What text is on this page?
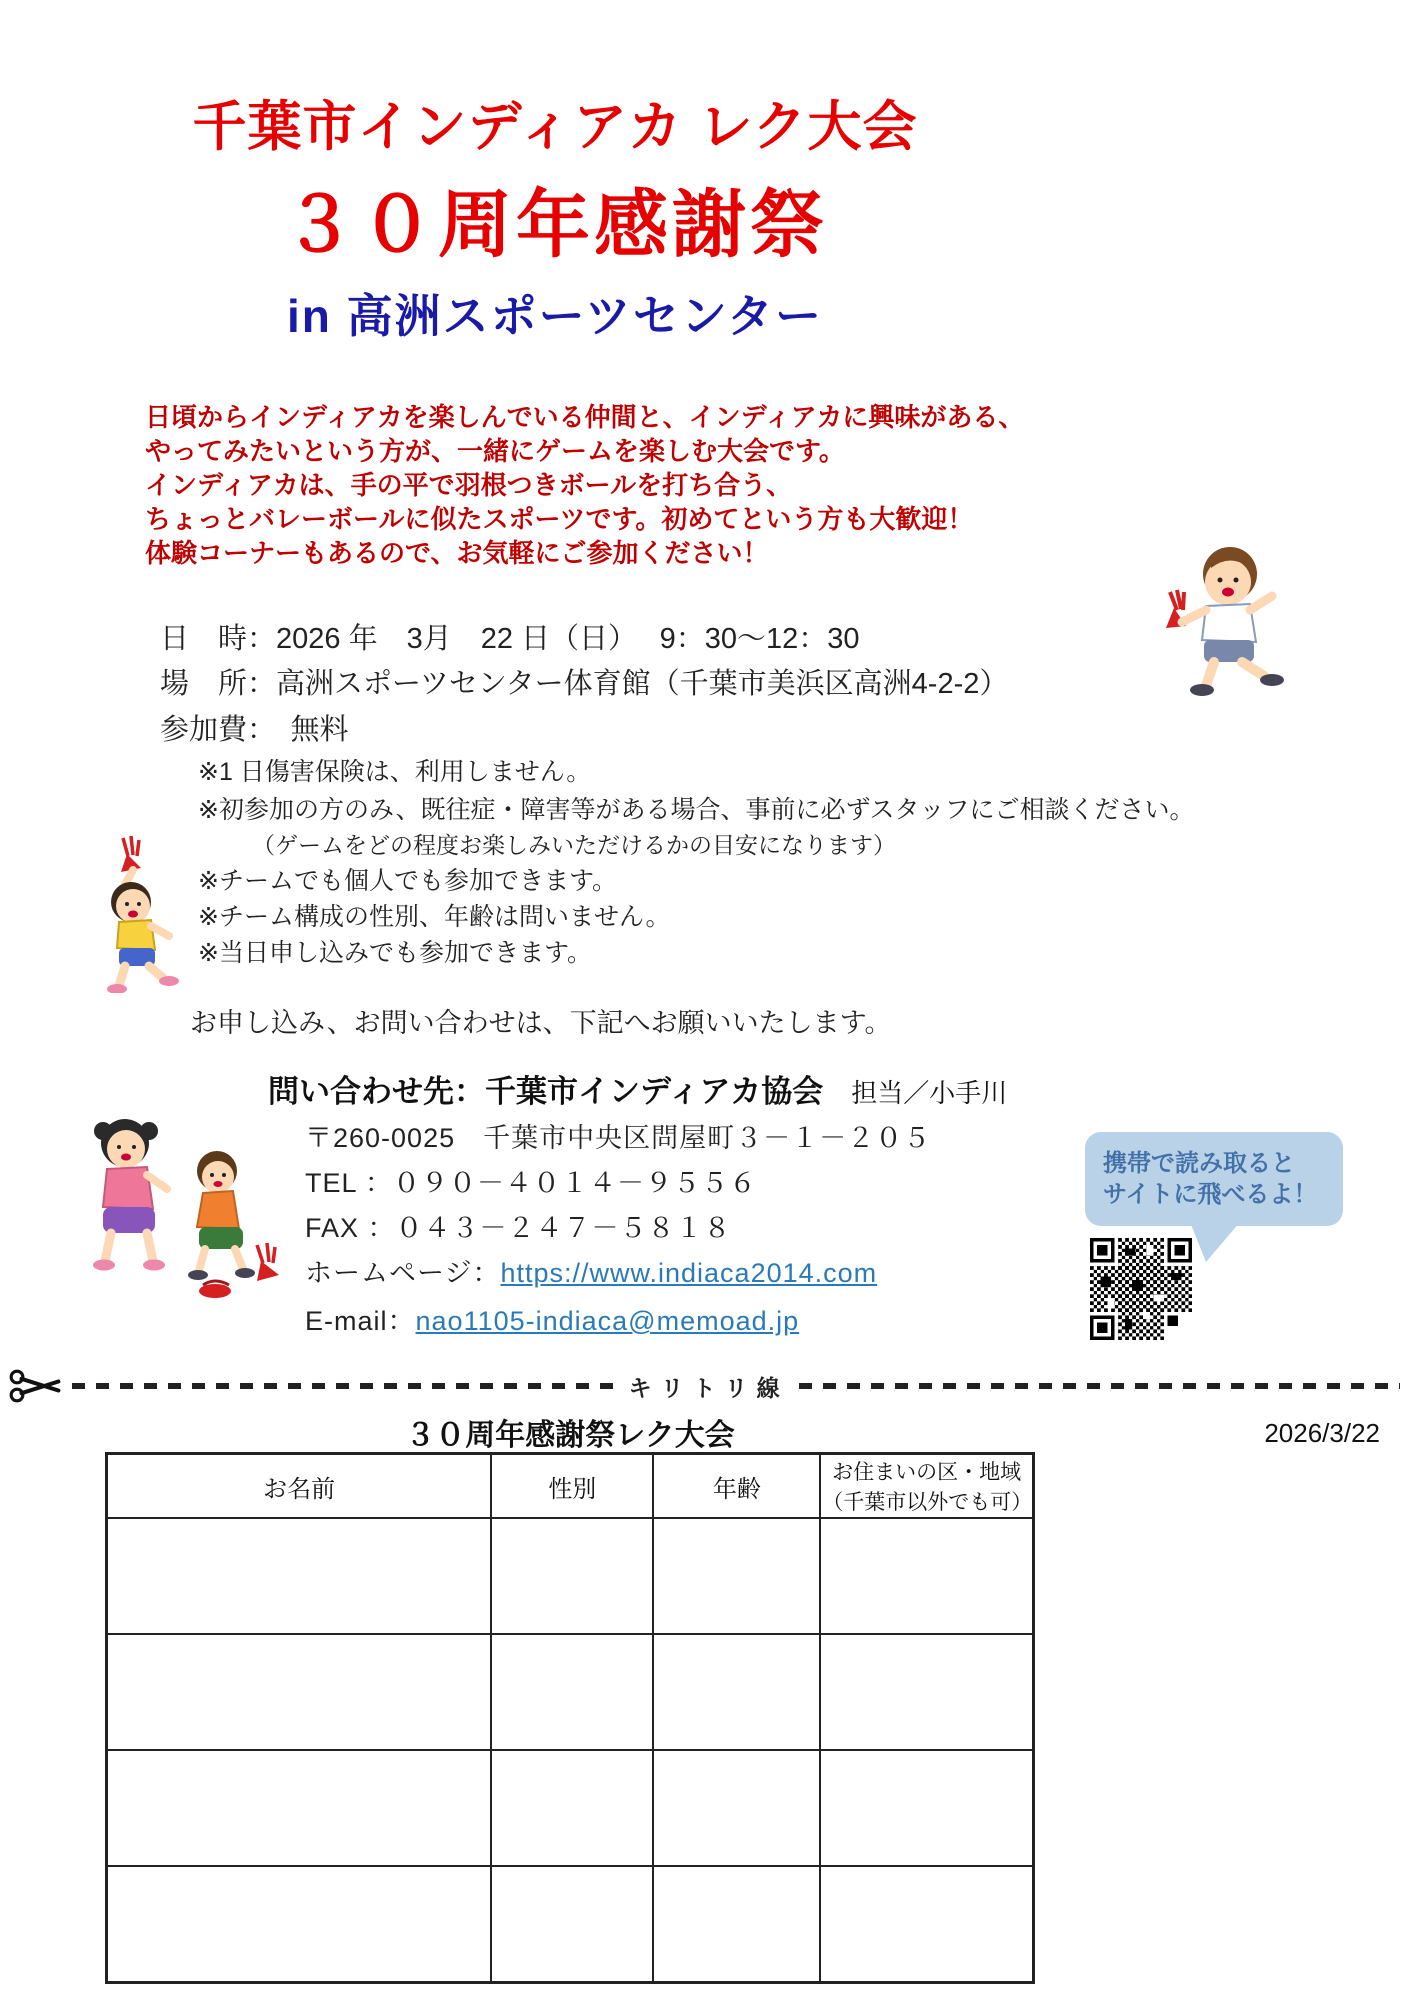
千葉市インディアカ レク大会
３０周年感謝祭
in 高洲スポーツセンター
日頃からインディアカを楽しんでいる仲間と、インディアカに興味がある、
やってみたいという方が、一緒にゲームを楽しむ大会です。
インディアカは、手の平で羽根つきボールを打ち合う、
ちょっとバレーボールに似たスポーツです。初めてという方も大歓迎！
体験コーナーもあるので、お気軽にご参加ください！
日　時：2026 年　3月　22 日（日）　 9：30～12：30
場　所：高洲スポーツセンター体育館（千葉市美浜区高洲4-2-2）
参加費：　無料
※1 日傷害保険は、利用しません。
※初参加の方のみ、既往症・障害等がある場合、事前に必ずスタッフにご相談ください。
（ゲームをどの程度お楽しみいただけるかの目安になります）
※チームでも個人でも参加できます。
※チーム構成の性別、年齢は問いません。
※当日申し込みでも参加できます。
お申し込み、お問い合わせは、下記へお願いいたします。
問い合わせ先：千葉市インディアカ協会 担当／小手川
〒260-0025　千葉市中央区問屋町３－１－２０５
TEL ：０９０－４０１４－９５５６
FAX ：０４３－２４７－５８１８
ホームページ：https://www.indiaca2014.com
E-mail：nao1105-indiaca@memoad.jp
携帯で読み取ると
サイトに飛べるよ！
キリトリ線
３０周年感謝祭レク大会	2026/3/22
お名前	性別	年齢	お住まいの区・地域（千葉市以外でも可）
